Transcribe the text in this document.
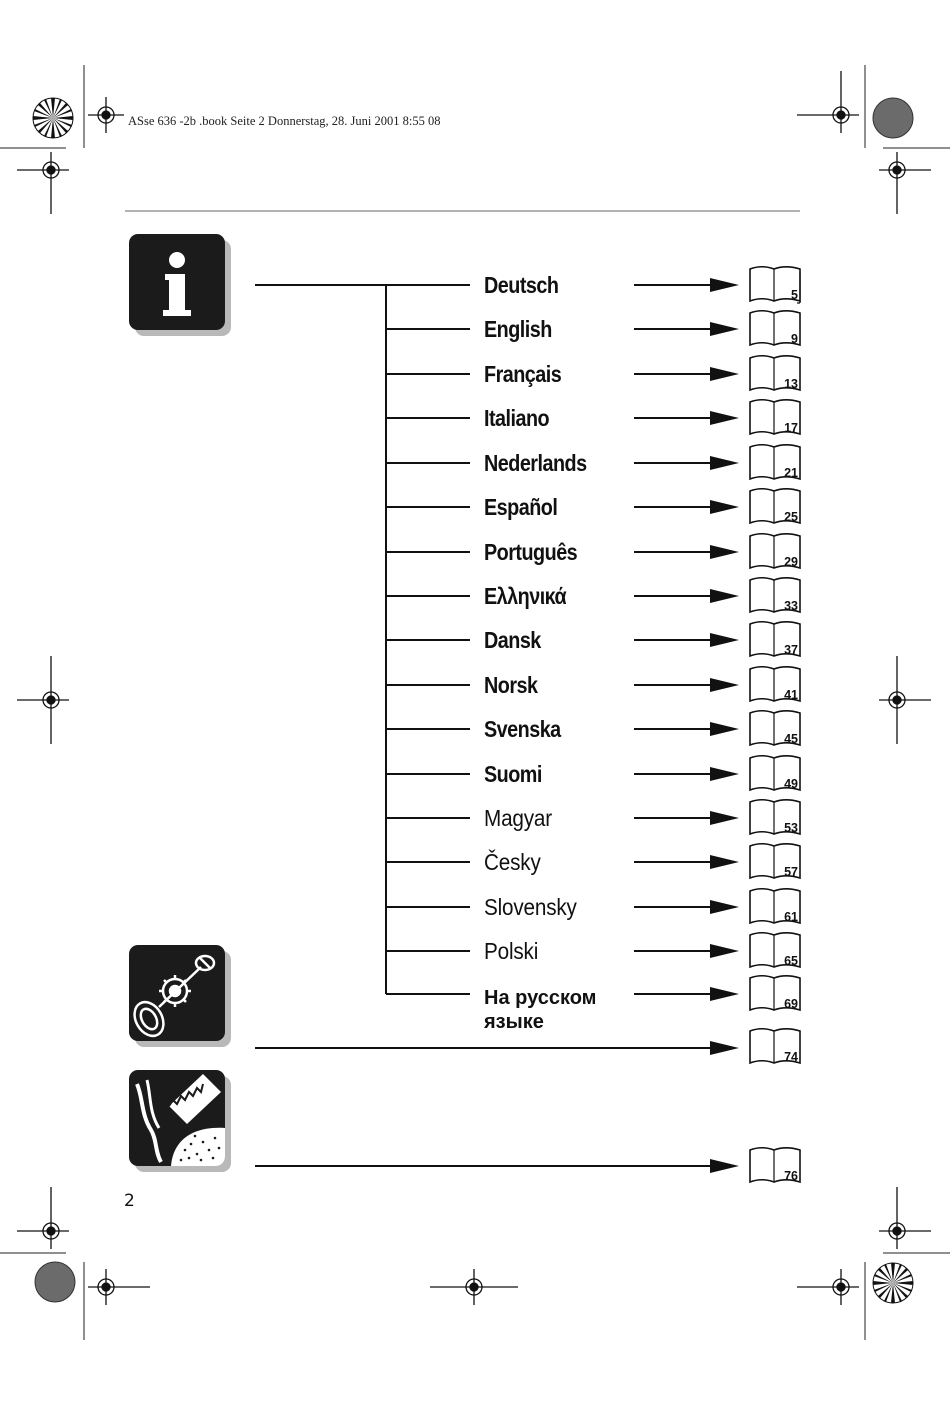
ASse 636 -2b .book Seite 2 Donnerstag, 28. Juni 2001 8:55 08
Deutsch
English
Français
Italiano
Nederlands
Español
Português
Ελληνικά
Dansk
Norsk
Svenska
Suomi
Magyar
Česky
Slovensky
Polski
На русском
языке
5
9
13
17
21
25
29
33
37
41
45
49
53
57
61
65
69
74
76
2
